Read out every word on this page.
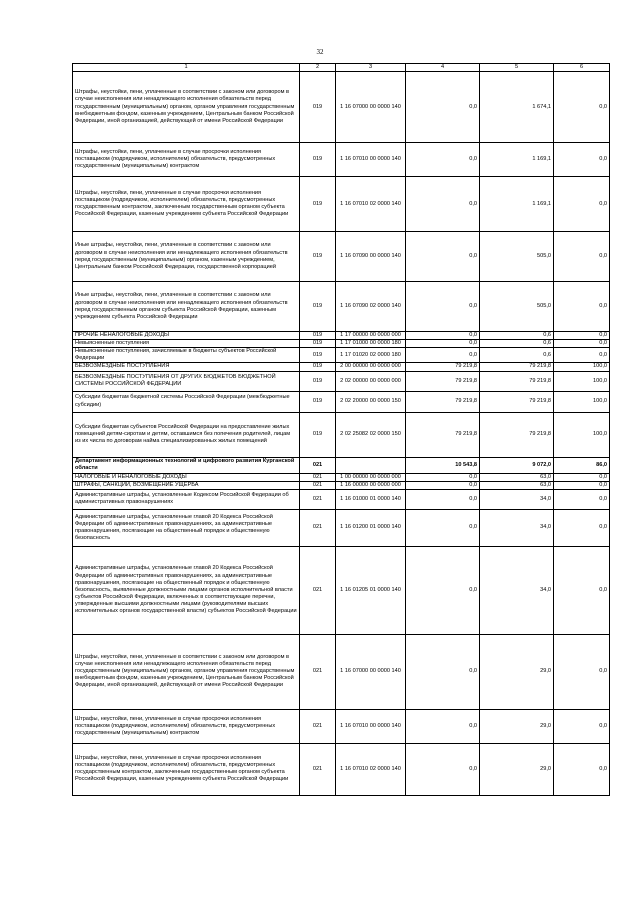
32
1	2	3	4	5	6
Штрафы, неустойки, пени, уплаченные в соответствии с законом или договором в случае неисполнения или ненадлежащего исполнения обязательств перед государственным (муниципальным) органом, органом управления государственным внебюджетным фондом, казенным учреждением, Центральным банком Российской Федерации, иной организацией, действующей от имени Российской Федерации	019	1 16 07000 00 0000 140	0,0	1 674,1	0,0
Штрафы, неустойки, пени, уплаченные в случае просрочки исполнения поставщиком (подрядчиком, исполнителем) обязательств, предусмотренных государственным (муниципальным) контрактом	019	1 16 07010 00 0000 140	0,0	1 169,1	0,0
Штрафы, неустойки, пени, уплаченные в случае просрочки исполнения поставщиком (подрядчиком, исполнителем) обязательств, предусмотренных государственным контрактом, заключенным государственным органом субъекта Российской Федерации, казенным учреждением субъекта Российской Федерации	019	1 16 07010 02 0000 140	0,0	1 169,1	0,0
Иные штрафы, неустойки, пени, уплаченные в соответствии с законом или договором в случае неисполнения или ненадлежащего исполнения обязательств перед государственным (муниципальным) органом, казенным учреждением, Центральным банком Российской Федерации, государственной корпорацией	019	1 16 07090 00 0000 140	0,0	505,0	0,0
Иные штрафы, неустойки, пени, уплаченные в соответствии с законом или договором в случае неисполнения или ненадлежащего исполнения обязательств перед государственным органом субъекта Российской Федерации, казенным учреждением субъекта Российской Федерации	019	1 16 07090 02 0000 140	0,0	505,0	0,0
ПРОЧИЕ НЕНАЛОГОВЫЕ ДОХОДЫ	019	1 17 00000 00 0000 000	0,0	0,6	0,0
Невыясненные поступления	019	1 17 01000 00 0000 180	0,0	0,6	0,0
Невыясненные поступления, зачисляемые в бюджеты субъектов Российской Федерации	019	1 17 01020 02 0000 180	0,0	0,6	0,0
БЕЗВОЗМЕЗДНЫЕ ПОСТУПЛЕНИЯ	019	2 00 00000 00 0000 000	79 219,8	79 219,8	100,0
БЕЗВОЗМЕЗДНЫЕ ПОСТУПЛЕНИЯ ОТ ДРУГИХ БЮДЖЕТОВ БЮДЖЕТНОЙ СИСТЕМЫ РОССИЙСКОЙ ФЕДЕРАЦИИ	019	2 02 00000 00 0000 000	79 219,8	79 219,8	100,0
Субсидии бюджетам бюджетной системы Российской Федерации (межбюджетные субсидии)	019	2 02 20000 00 0000 150	79 219,8	79 219,8	100,0
Субсидии бюджетам субъектов Российской Федерации на предоставление жилых помещений детям-сиротам и детям, оставшимся без попечения родителей, лицам из их числа по договорам найма специализированных жилых помещений	019	2 02 25082 02 0000 150	79 219,8	79 219,8	100,0
Департамент информационных технологий и цифрового развития Курганской области	021		10 543,8	9 072,0	86,0
НАЛОГОВЫЕ И НЕНАЛОГОВЫЕ ДОХОДЫ	021	1 00 00000 00 0000 000	0,0	63,0	0,0
ШТРАФЫ, САНКЦИИ, ВОЗМЕЩЕНИЕ УЩЕРБА	021	1 16 00000 00 0000 000	0,0	63,0	0,0
Административные штрафы, установленные Кодексом Российской Федерации об административных правонарушениях	021	1 16 01000 01 0000 140	0,0	34,0	0,0
Административные штрафы, установленные главой 20 Кодекса Российской Федерации об административных правонарушениях, за административные правонарушения, посягающие на общественный порядок и общественную безопасность	021	1 16 01200 01 0000 140	0,0	34,0	0,0
Административные штрафы, установленные главой 20 Кодекса Российской Федерации об административных правонарушениях, за административные правонарушения, посягающие на общественный порядок и общественную безопасность, выявленные должностными лицами органов исполнительной власти субъектов Российской Федерации, включенных в соответствующие перечни, утвержденные высшими должностными лицами (руководителями высших исполнительных органов государственной власти) субъектов Российской Федерации	021	1 16 01205 01 0000 140	0,0	34,0	0,0
Штрафы, неустойки, пени, уплаченные в соответствии с законом или договором в случае неисполнения или ненадлежащего исполнения обязательств перед государственным (муниципальным) органом, органом управления государственным внебюджетным фондом, казенным учреждением, Центральным банком Российской Федерации, иной организацией, действующей от имени Российской Федерации	021	1 16 07000 00 0000 140	0,0	29,0	0,0
Штрафы, неустойки, пени, уплаченные в случае просрочки исполнения поставщиком (подрядчиком, исполнителем) обязательств, предусмотренных государственным (муниципальным) контрактом	021	1 16 07010 00 0000 140	0,0	29,0	0,0
Штрафы, неустойки, пени, уплаченные в случае просрочки исполнения поставщиком (подрядчиком, исполнителем) обязательств, предусмотренных государственным контрактом, заключенным государственным органом субъекта Российской Федерации, казенным учреждением субъекта Российской Федерации	021	1 16 07010 02 0000 140	0,0	29,0	0,0
